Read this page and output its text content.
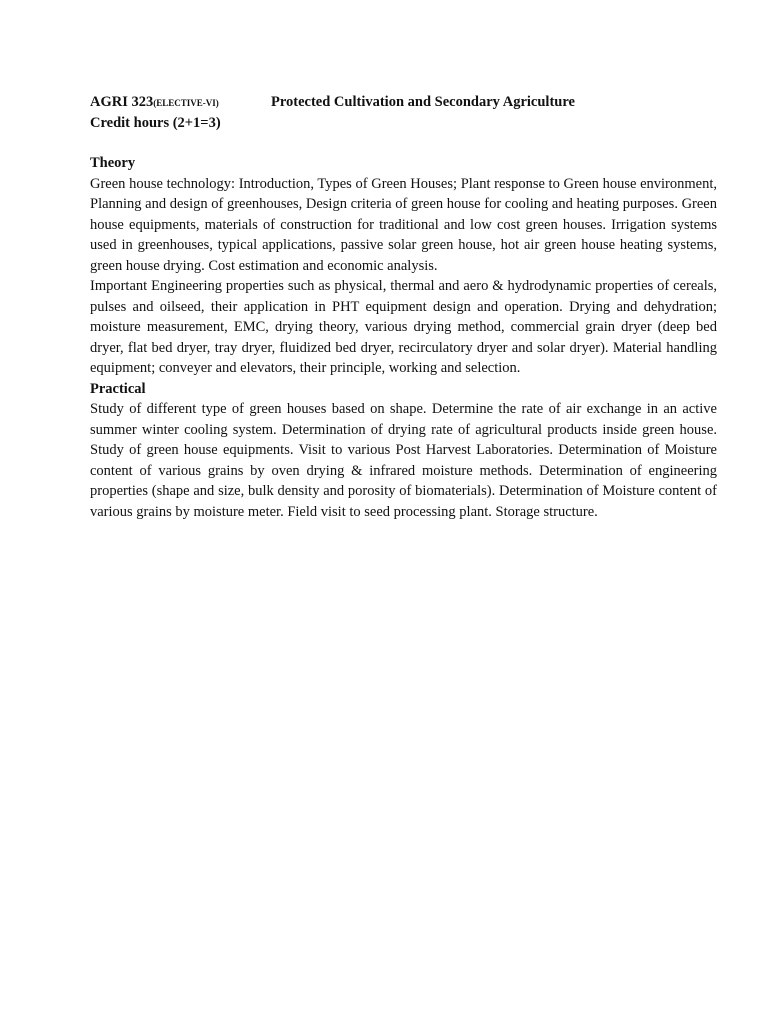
AGRI 323(ELECTIVE-VI)	Protected Cultivation and Secondary Agriculture
Credit hours (2+1=3)
Theory

Green house technology: Introduction, Types of Green Houses; Plant response to Green house environment, Planning and design of greenhouses, Design criteria of green house for cooling and heating purposes. Green house equipments, materials of construction for traditional and low cost green houses. Irrigation systems used in greenhouses, typical applications, passive solar green house, hot air green house heating systems, green house drying. Cost estimation and economic analysis.

Important Engineering properties such as physical, thermal and aero & hydrodynamic properties of cereals, pulses and oilseed, their application in PHT equipment design and operation. Drying and dehydration; moisture measurement, EMC, drying theory, various drying method, commercial grain dryer (deep bed dryer, flat bed dryer, tray dryer, fluidized bed dryer, recirculatory dryer and solar dryer). Material handling equipment; conveyer and elevators, their principle, working and selection.

Practical

Study of different type of green houses based on shape. Determine the rate of air exchange in an active summer winter cooling system. Determination of drying rate of agricultural products inside green house. Study of green house equipments. Visit to various Post Harvest Laboratories. Determination of Moisture content of various grains by oven drying & infrared moisture methods. Determination of engineering properties (shape and size, bulk density and porosity of biomaterials). Determination of Moisture content of various grains by moisture meter. Field visit to seed processing plant. Storage structure.
